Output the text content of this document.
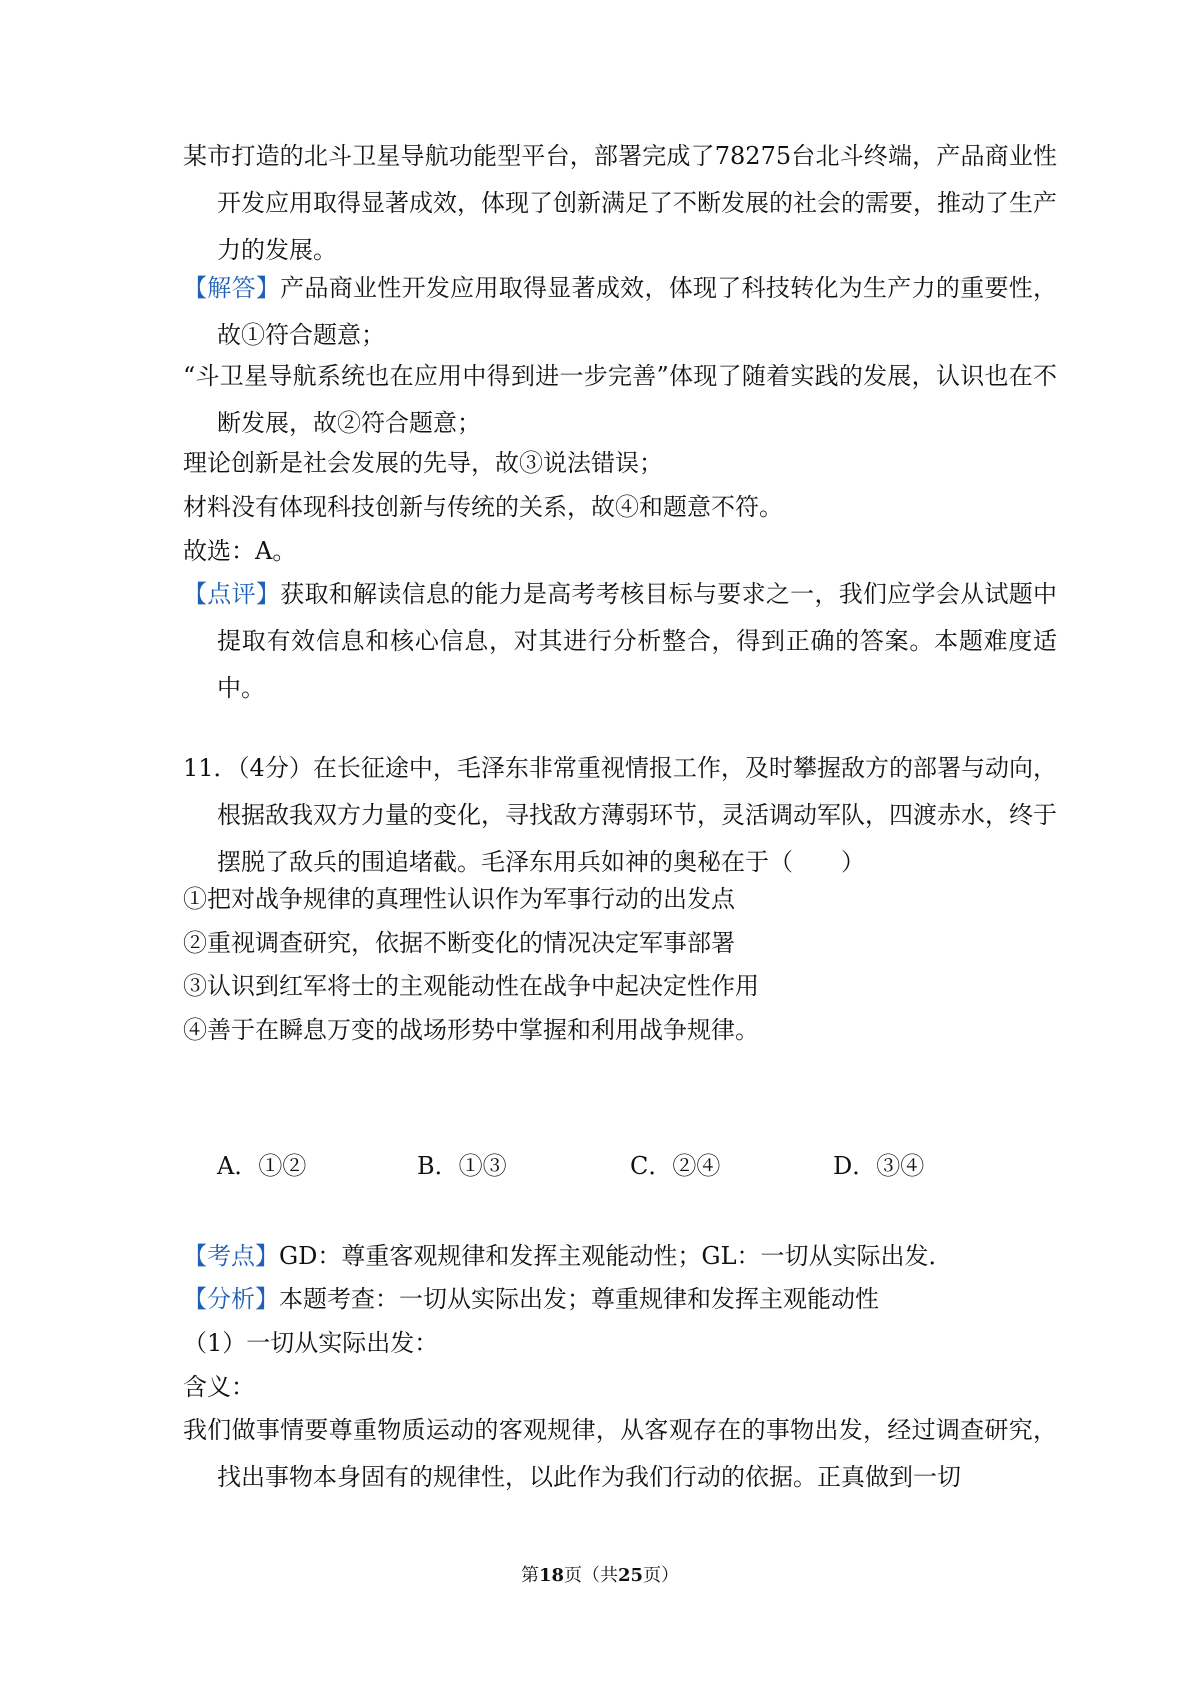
某市打造的北斗卫星导航功能型平台，部署完成了78275台北斗终端，产品商业性开发应用取得显著成效，体现了创新满足了不断发展的社会的需要，推动了生产力的发展。
【解答】产品商业性开发应用取得显著成效，体现了科技转化为生产力的重要性，故①符合题意；
“斗卫星导航系统也在应用中得到进一步完善”体现了随着实践的发展，认识也在不断发展，故②符合题意；
理论创新是社会发展的先导，故③说法错误；
材料没有体现科技创新与传统的关系，故④和题意不符。
故选：A。
【点评】获取和解读信息的能力是高考考核目标与要求之一，我们应学会从试题中提取有效信息和核心信息，对其进行分析整合，得到正确的答案。本题难度适中。
11．（4分）在长征途中，毛泽东非常重视情报工作，及时攀握敌方的部署与动向，根据敌我双方力量的变化，寻找敌方薄弱环节，灵活调动军队，四渡赤水，终于摆脱了敌兵的围追堵截。毛泽东用兵如神的奥秘在于（　　）
①把对战争规律的真理性认识作为军事行动的出发点
②重视调查研究，依据不断变化的情况决定军事部署
③认识到红军将士的主观能动性在战争中起决定性作用
④善于在瞬息万变的战场形势中掌握和利用战争规律。
A．①②	B．①③	C．②④	D．③④
【考点】GD：尊重客观规律和发挥主观能动性；GL：一切从实际出发．
【分析】本题考查：一切从实际出发；尊重规律和发挥主观能动性
（1）一切从实际出发：
含义：
我们做事情要尊重物质运动的客观规律，从客观存在的事物出发，经过调查研究，找出事物本身固有的规律性，以此作为我们行动的依据。正真做到一切
第18页（共25页）
